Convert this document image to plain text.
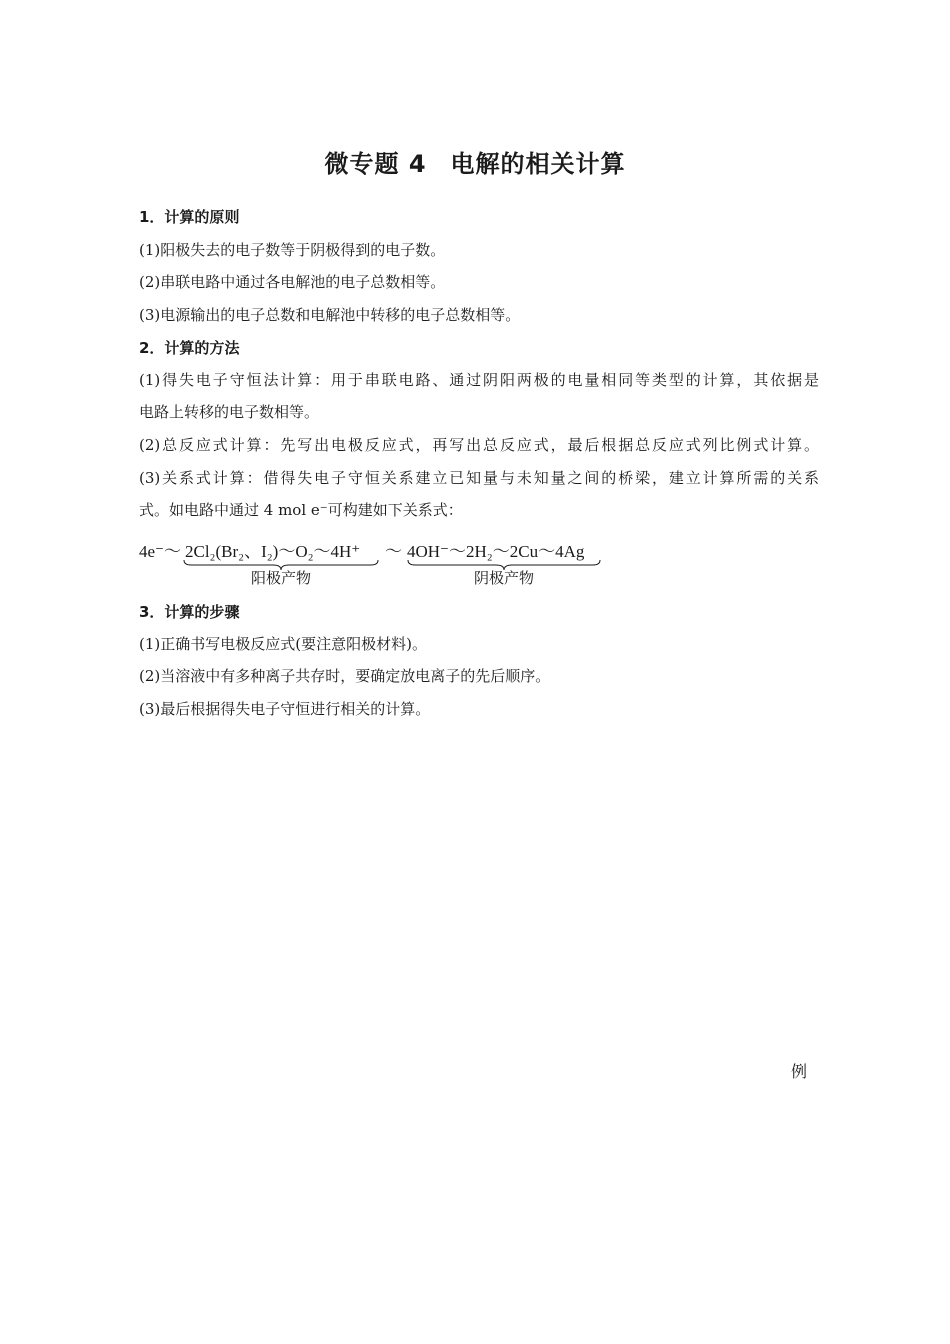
微专题 4 电解的相关计算
1．计算的原则
(1)阳极失去的电子数等于阴极得到的电子数。
(2)串联电路中通过各电解池的电子总数相等。
(3)电源输出的电子总数和电解池中转移的电子总数相等。
2．计算的方法
(1)得失电子守恒法计算：用于串联电路、通过阴阳两极的电量相同等类型的计算，其依据是
电路上转移的电子数相等。
(2)总反应式计算：先写出电极反应式，再写出总反应式，最后根据总反应式列比例式计算。
(3)关系式计算：借得失电子守恒关系建立已知量与未知量之间的桥梁，建立计算所需的关系
式。如电路中通过 4 mol e⁻可构建如下关系式：
4e⁻～ 2Cl₂(Br₂、I₂)～O₂～4H⁺ ～ 4OH⁻～2H₂～2Cu～4Ag
阳极产物	阴极产物
3．计算的步骤
(1)正确书写电极反应式(要注意阳极材料)。
(2)当溶液中有多种离子共存时，要确定放电离子的先后顺序。
(3)最后根据得失电子守恒进行相关的计算。
例
